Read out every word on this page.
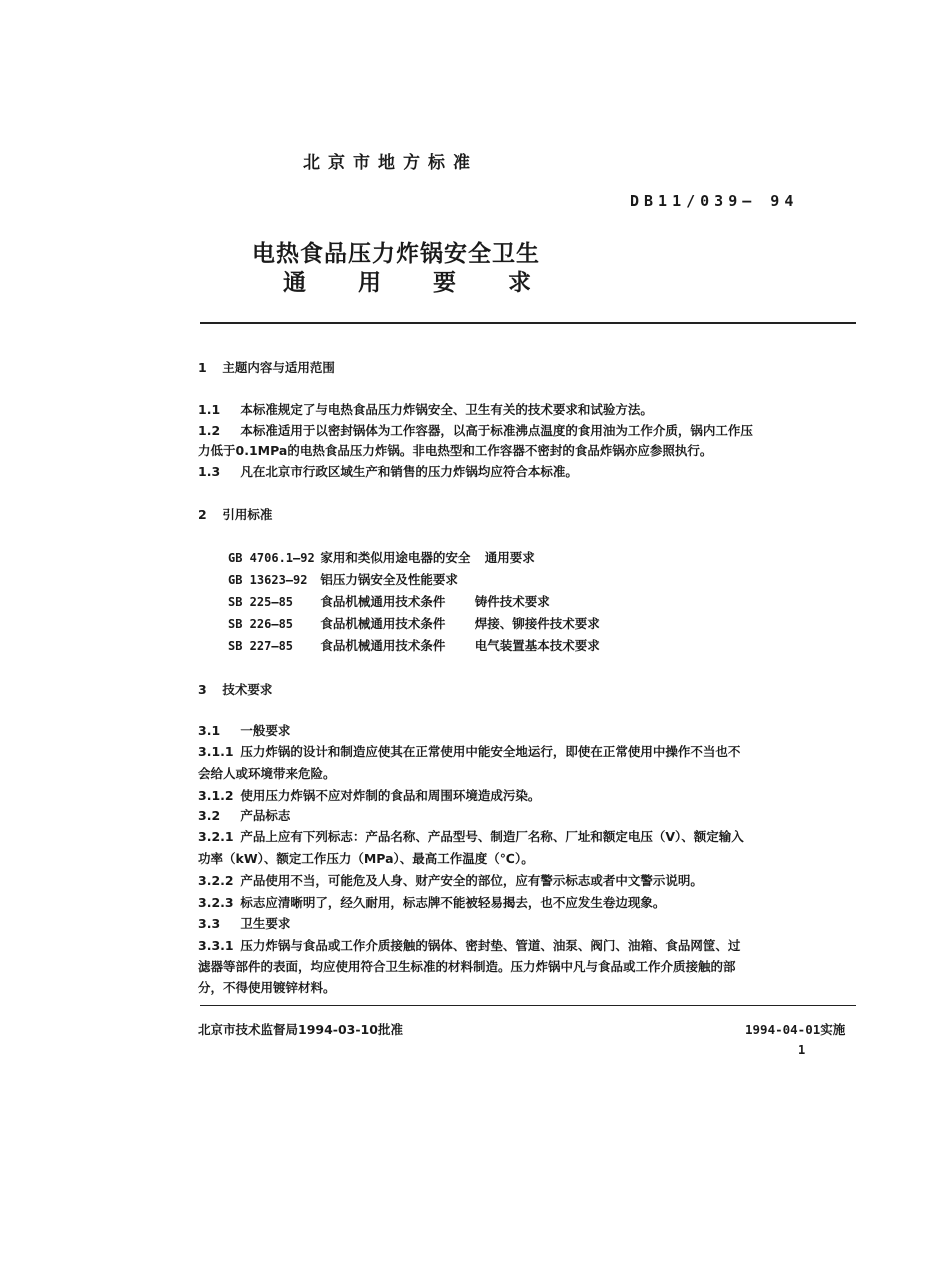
北京市地方标准
DB11/039— 94
电热食品压力炸锅安全卫生
通用要求
1 主题内容与适用范围
1.1 本标准规定了与电热食品压力炸锅安全、卫生有关的技术要求和试验方法。
1.2 本标准适用于以密封锅体为工作容器，以高于标准沸点温度的食用油为工作介质，锅内工作压
力低于0.1MPa的电热食品压力炸锅。非电热型和工作容器不密封的食品炸锅亦应参照执行。
1.3 凡在北京市行政区域生产和销售的压力炸锅均应符合本标准。
2 引用标准
GB 4706.1—92 家用和类似用途电器的安全 通用要求
GB 13623—92 铝压力锅安全及性能要求
SB 225—85 食品机械通用技术条件 铸件技术要求
SB 226—85 食品机械通用技术条件 焊接、铆接件技术要求
SB 227—85 食品机械通用技术条件 电气装置基本技术要求
3 技术要求
3.1 一般要求
3.1.1 压力炸锅的设计和制造应使其在正常使用中能安全地运行，即使在正常使用中操作不当也不
会给人或环境带来危险。
3.1.2 使用压力炸锅不应对炸制的食品和周围环境造成污染。
3.2 产品标志
3.2.1 产品上应有下列标志：产品名称、产品型号、制造厂名称、厂址和额定电压（V）、额定输入
功率（kW）、额定工作压力（MPa）、最高工作温度（℃）。
3.2.2 产品使用不当，可能危及人身、财产安全的部位，应有警示标志或者中文警示说明。
3.2.3 标志应清晰明了，经久耐用，标志牌不能被轻易揭去，也不应发生卷边现象。
3.3 卫生要求
3.3.1 压力炸锅与食品或工作介质接触的锅体、密封垫、管道、油泵、阀门、油箱、食品网筐、过
滤器等部件的表面，均应使用符合卫生标准的材料制造。压力炸锅中凡与食品或工作介质接触的部
分，不得使用镀锌材料。
北京市技术监督局1994-03-10批准	1994-04-01实施
1
